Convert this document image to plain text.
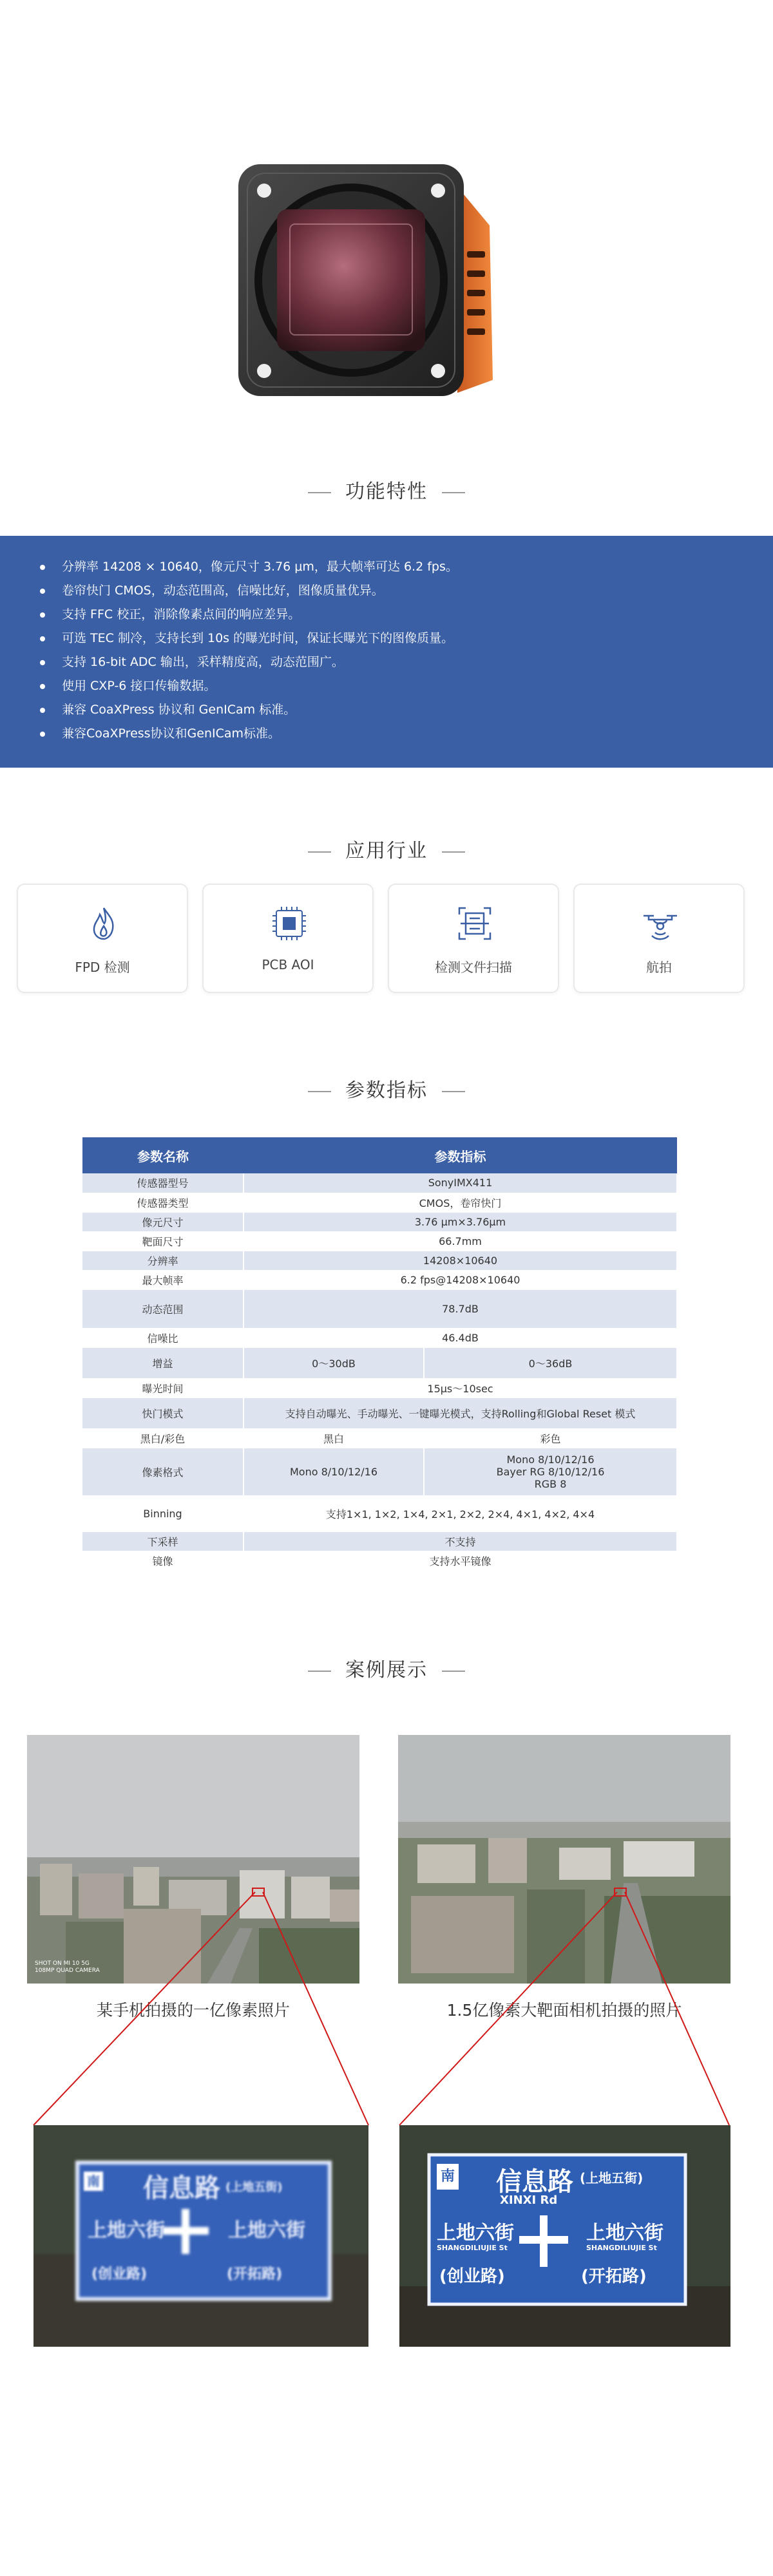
功能特性
分辨率 14208 × 10640，像元尺寸 3.76 μm，最大帧率可达 6.2 fps。
卷帘快门 CMOS，动态范围高，信噪比好，图像质量优异。
支持 FFC 校正，消除像素点间的响应差异。
可选 TEC 制冷，支持长到 10s 的曝光时间，保证长曝光下的图像质量。
支持 16-bit ADC 输出，采样精度高，动态范围广。
使用 CXP-6 接口传输数据。
兼容 CoaXPress 协议和 GenICam 标准。
兼容CoaXPress协议和GenICam标准。
应用行业
FPD 检测	PCB AOI	检测文件扫描	航拍
参数指标
参数名称	参数指标	
传感器型号	SonyIMX411	
传感器类型	CMOS，卷帘快门	
像元尺寸	3.76 μm×3.76μm	
靶面尺寸	66.7mm	
分辨率	14208×10640	
最大帧率	6.2 fps@14208×10640	
动态范围	78.7dB	
信噪比	46.4dB	
增益	0～30dB	0～36dB
曝光时间	15μs～10sec	
快门模式	支持自动曝光、手动曝光、一键曝光模式，支持Rolling和Global Reset 模式	
黑白/彩色	黑白	彩色
像素格式	Mono 8/10/12/16	Mono 8/10/12/16
Bayer RG 8/10/12/16
RGB 8

Binning	支持1×1, 1×2, 1×4, 2×1, 2×2, 2×4, 4×1, 4×2, 4×4	
下采样	不支持	
镜像	支持水平镜像	
案例展示
SHOT ON MI 10 5G
108MP QUAD CAMERA
某手机拍摄的一亿像素照片	1.5亿像素大靶面相机拍摄的照片
南 信息路 (上地五街)
上地六街	上地六街
(创业路)	(开拓路)
南 信息路 (上地五街)
XINXI Rd
上地六街	上地六街
SHANGDILIUJIE St	SHANGDILIUJIE St
(创业路)	(开拓路)
